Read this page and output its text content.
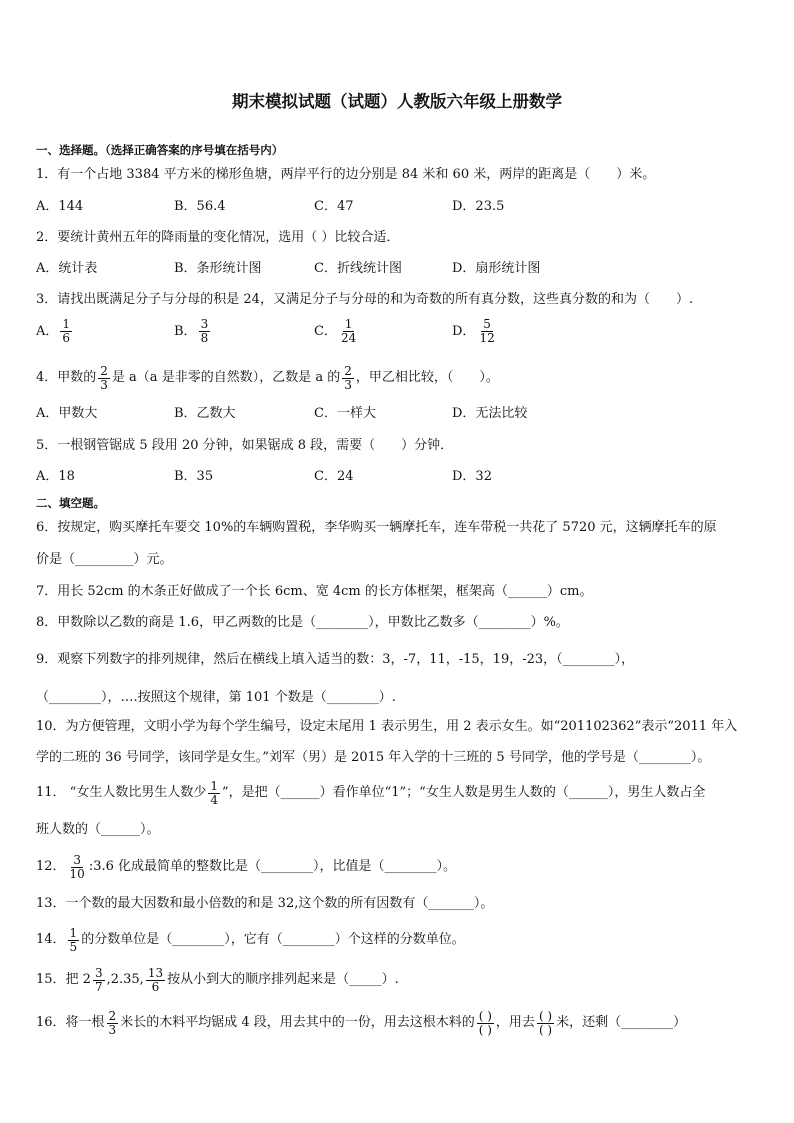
期末模拟试题（试题）人教版六年级上册数学
一、选择题。（选择正确答案的序号填在括号内）
1．有一个占地 3384 平方米的梯形鱼塘，两岸平行的边分别是 84 米和 60 米，两岸的距离是（　　）米。
A．144	B．56.4	C．47	D．23.5
2．要统计黄州五年的降雨量的变化情况，选用（ ）比较合适．
A．统计表	B．条形统计图	C．折线统计图	D．扇形统计图
3．请找出既满足分子与分母的积是 24，又满足分子与分母的和为奇数的所有真分数，这些真分数的和为（　　）.
A． $\frac{1}{6}$	B． $\frac{3}{8}$	C． $\frac{1}{24}$	D． $\frac{5}{12}$
4．甲数的 $\frac{2}{3}$ 是 a（a 是非零的自然数），乙数是 a 的 $\frac{2}{3}$ ，甲乙相比较，（　　）。
A．甲数大	B．乙数大	C．一样大	D．无法比较
5．一根钢管锯成 5 段用 20 分钟，如果锯成 8 段，需要（　　）分钟．
A．18	B．35	C．24	D．32
二、填空题。
6．按规定，购买摩托车要交 10%的车辆购置税，李华购买一辆摩托车，连车带税一共花了 5720 元，这辆摩托车的原
价是（_________）元。
7．用长 52cm 的木条正好做成了一个长 6cm、宽 4cm 的长方体框架，框架高（______）cm。
8．甲数除以乙数的商是 1.6，甲乙两数的比是（________），甲数比乙数多（________）%。
9．观察下列数字的排列规律，然后在横线上填入适当的数：3，-7，11，-15，19，-23，（________），
（________），….按照这个规律，第 101 个数是（________）.
10．为方便管理，文明小学为每个学生编号，设定末尾用 1 表示男生，用 2 表示女生。如“201102362”表示“2011 年入
学的二班的 36 号同学，该同学是女生。”刘军（男）是 2015 年入学的十三班的 5 号同学，他的学号是（________）。
11． “女生人数比男生人数少 $\frac{1}{4}$ ”，是把（______）看作单位“1”；“女生人数是男生人数的（______），男生人数占全
班人数的（______）。
12． $\frac{3}{10}$ :3.6 化成最简单的整数比是（________），比值是（________）。
13．一个数的最大因数和最小倍数的和是 32,这个数的所有因数有（_______）。
14． $\frac{1}{5}$ 的分数单位是（________），它有（________）个这样的分数单位。
15．把 $2 \frac{3}{7} ,2.35$, $\frac{13}{6}$ 按从小到大的顺序排列起来是（_____）.
16．将一根 $\frac{2}{3}$ 米长的木料平均锯成 4 段，用去其中的一份，用去这根木料的 $\frac{( )}{( )}$ ，用去 $\frac{( )}{( )}$ 米，还剩（________）
